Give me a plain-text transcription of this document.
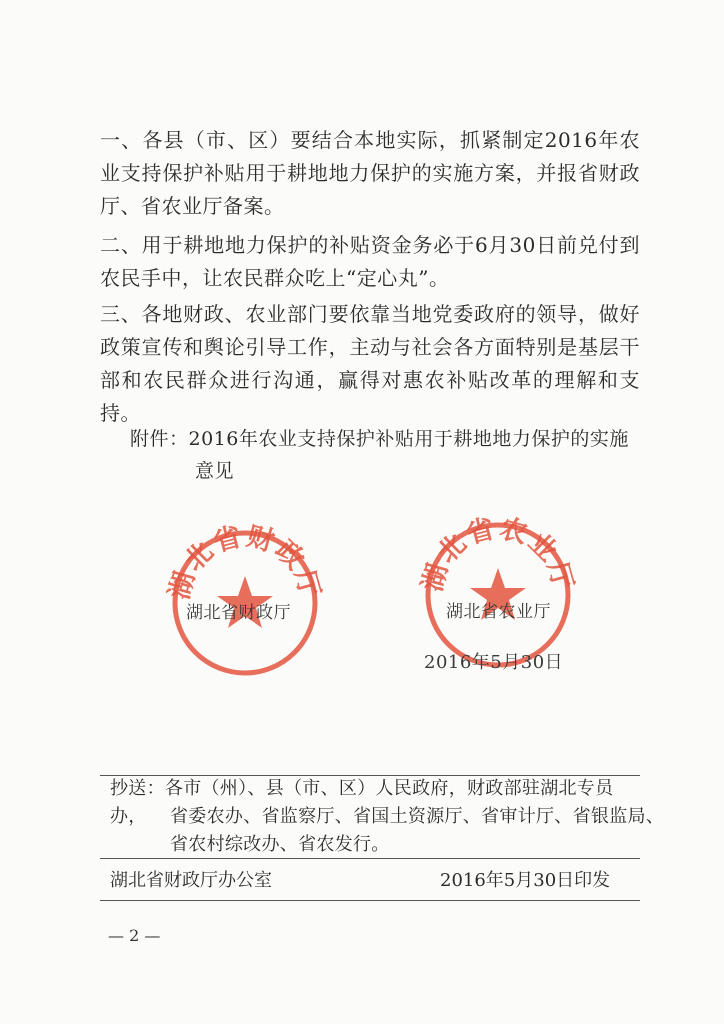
一、各县（市、区）要结合本地实际，抓紧制定2016年农业支持保护补贴用于耕地地力保护的实施方案，并报省财政厅、省农业厅备案。

二、用于耕地地力保护的补贴资金务必于6月30日前兑付到农民手中，让农民群众吃上“定心丸”。

三、各地财政、农业部门要依靠当地党委政府的领导，做好政策宣传和舆论引导工作，主动与社会各方面特别是基层干部和农民群众进行沟通，赢得对惠农补贴改革的理解和支持。

附件：2016年农业支持保护补贴用于耕地地力保护的实施
意见
湖北省财政厅	湖北省农业厅
湖北省财政厅	湖北省农业厅
2016年5月30日
抄送：各市（州）、县（市、区）人民政府，财政部驻湖北专员办，	省委农办、省监察厅、省国土资源厅、省审计厅、省银监局、
省农村综改办、省农发行。
湖北省财政厅办公室	2016年5月30日印发
— 2 —
